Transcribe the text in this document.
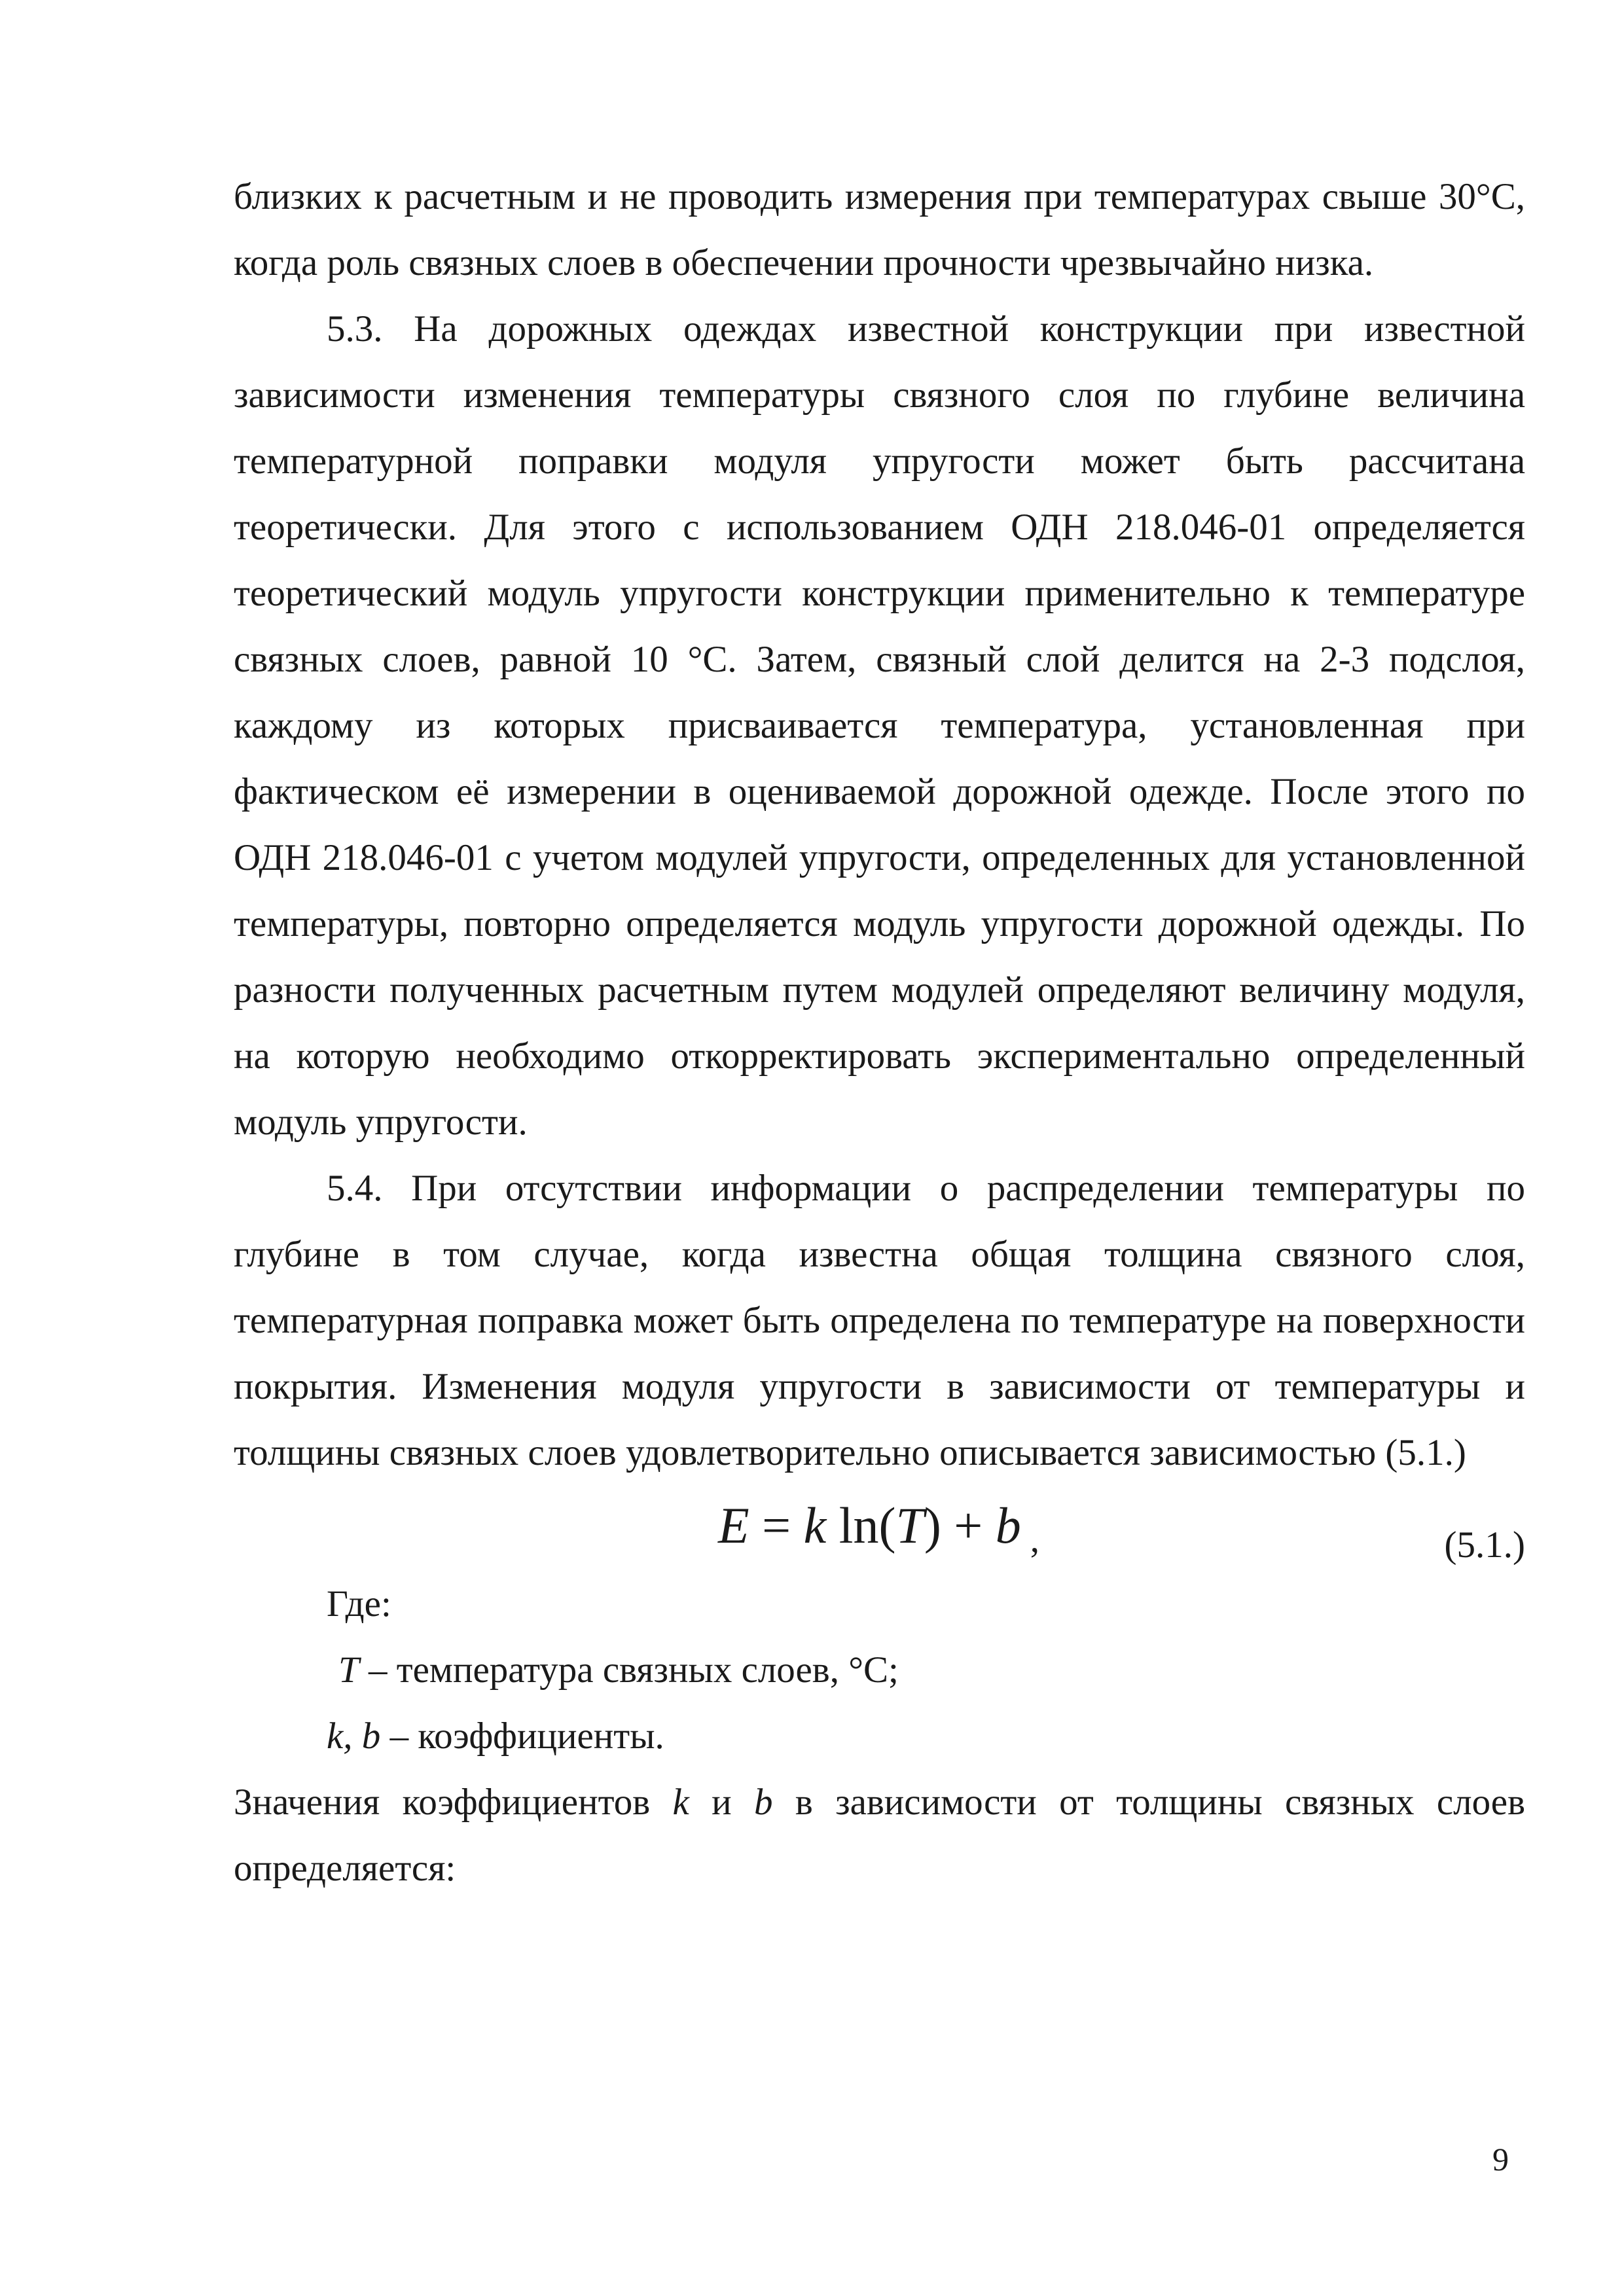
близких к расчетным и не проводить измерения при температурах свыше 30°С, когда роль связных слоев в обеспечении прочности чрезвычайно низка.

5.3. На дорожных одеждах известной конструкции при известной зависимости изменения температуры связного слоя по глубине величина температурной поправки модуля упругости может быть рассчитана теоретически. Для этого с использованием ОДН 218.046-01 определяется теоретический модуль упругости конструкции применительно к температуре связных слоев, равной 10 °С. Затем, связный слой делится на 2-3 подслоя, каждому из которых присваивается температура, установленная при фактическом её измерении в оцениваемой дорожной одежде. После этого по ОДН 218.046-01 с учетом модулей упругости, определенных для установленной температуры, повторно определяется модуль упругости дорожной одежды. По разности полученных расчетным путем модулей определяют величину модуля, на которую необходимо откорректировать экспериментально определенный модуль упругости.

5.4. При отсутствии информации о распределении температуры по глубине в том случае, когда известна общая толщина связного слоя, температурная поправка может быть определена по температуре на поверхности покрытия. Изменения модуля упругости в зависимости от температуры и толщины связных слоев удовлетворительно описывается зависимостью (5.1.)

E = k ln(T) + b ,	(5.1.)

Где:

T – температура связных слоев, °С;

k, b – коэффициенты.

Значения коэффициентов k и b в зависимости от толщины связных слоев определяется:

9
